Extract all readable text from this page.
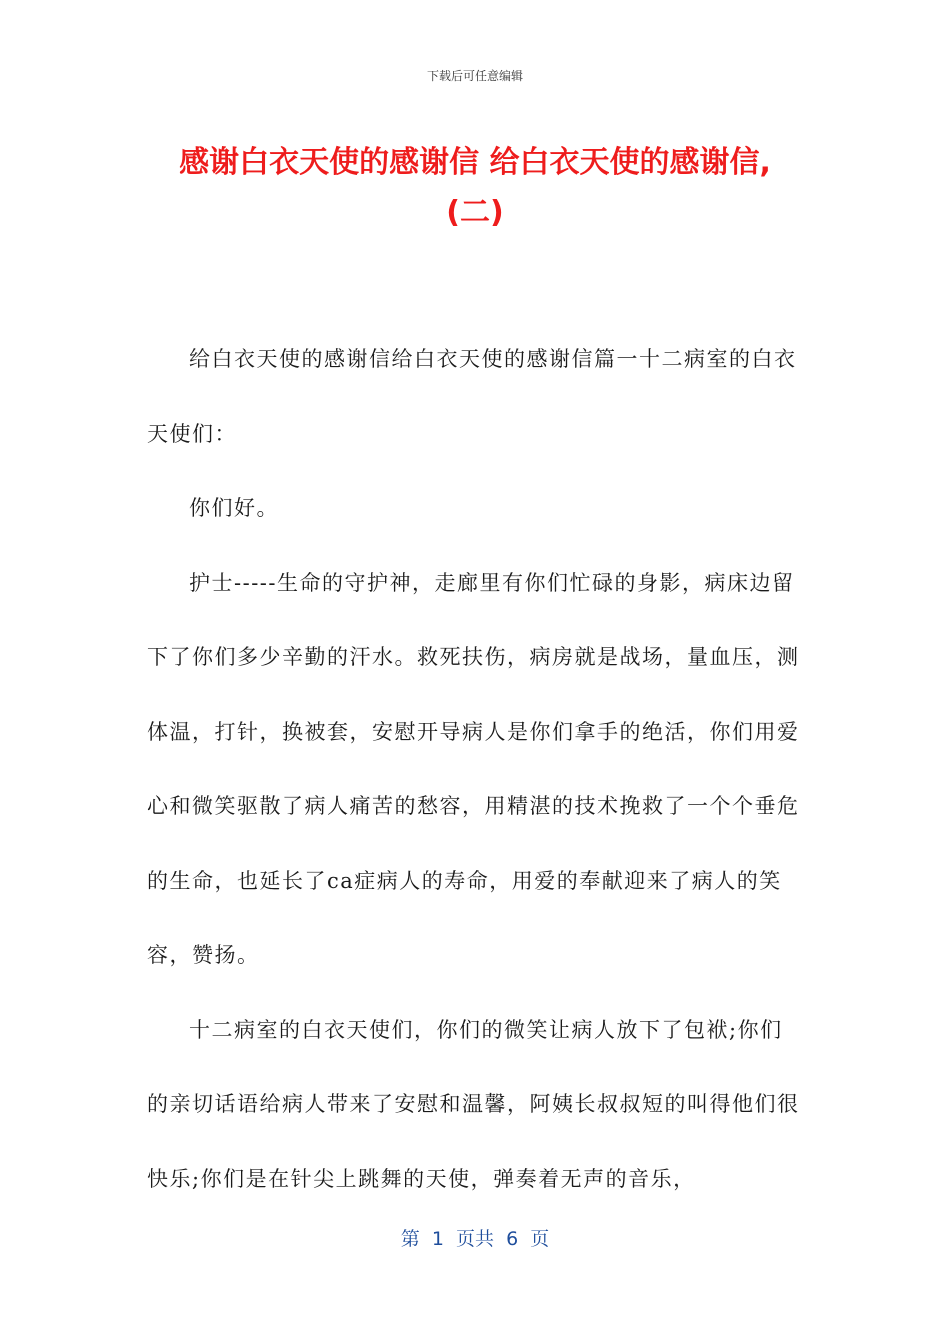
下载后可任意编辑
感谢白衣天使的感谢信 给白衣天使的感谢信,
(二)

给白衣天使的感谢信给白衣天使的感谢信篇一十二病室的白衣天使们：

你们好。

护士-----生命的守护神，走廊里有你们忙碌的身影，病床边留下了你们多少辛勤的汗水。救死扶伤，病房就是战场，量血压，测体温，打针，换被套，安慰开导病人是你们拿手的绝活，你们用爱心和微笑驱散了病人痛苦的愁容，用精湛的技术挽救了一个个垂危的生命，也延长了ca症病人的寿命，用爱的奉献迎来了病人的笑容，赞扬。

十二病室的白衣天使们，你们的微笑让病人放下了包袱;你们的亲切话语给病人带来了安慰和温馨，阿姨长叔叔短的叫得他们很快乐;你们是在针尖上跳舞的天使，弹奏着无声的音乐，

第  1  页共  6  页
